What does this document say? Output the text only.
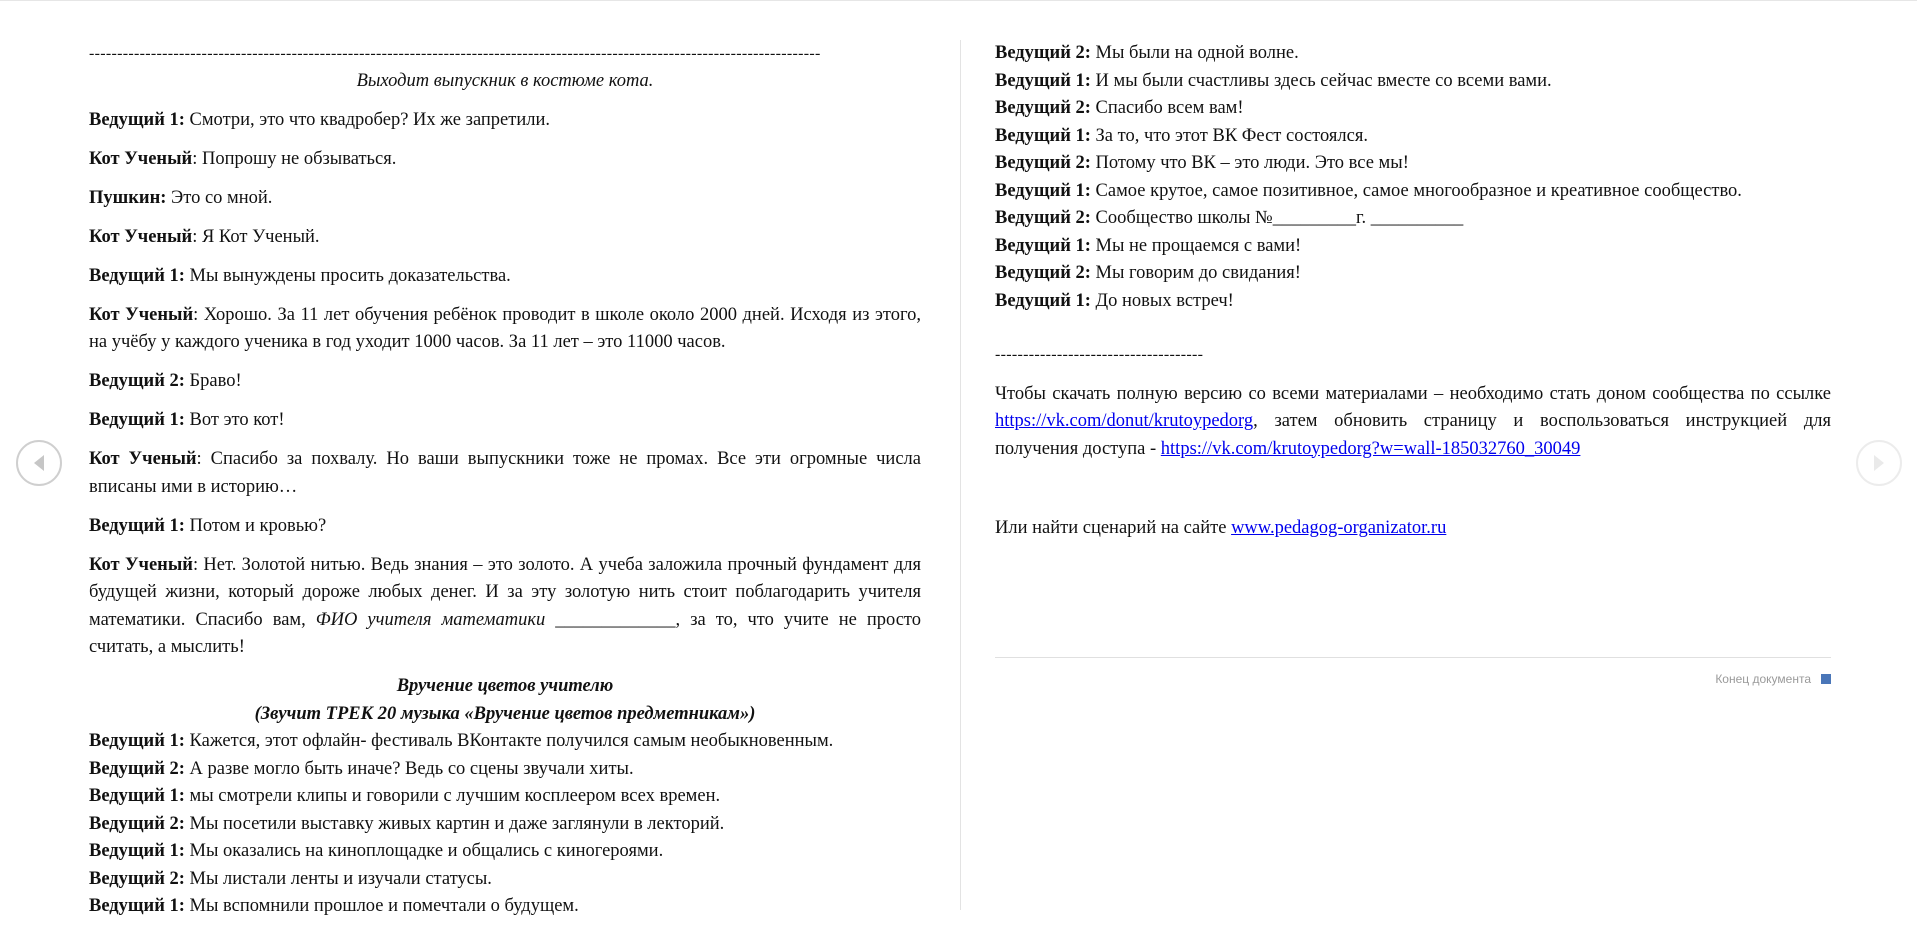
----------------------------------------------------------------------------------------------------------------------------------

Выходит выпускник в костюме кота.

Ведущий 1: Смотри, это что квадробер? Их же запретили.

Кот Ученый: Попрошу не обзываться.

Пушкин: Это со мной.

Кот Ученый: Я Кот Ученый.

Ведущий 1: Мы вынуждены просить доказательства.

Кот Ученый: Хорошо. За 11 лет обучения ребёнок проводит в школе около 2000 дней. Исходя из этого, на учёбу у каждого ученика в год уходит 1000 часов. За 11 лет – это 11000 часов.

Ведущий 2: Браво!

Ведущий 1: Вот это кот!

Кот Ученый: Спасибо за похвалу. Но ваши выпускники тоже не промах. Все эти огромные числа вписаны ими в историю…

Ведущий 1: Потом и кровью?

Кот Ученый: Нет. Золотой нитью. Ведь знания – это золото. А учеба заложила прочный фундамент для будущей жизни, который дороже любых денег. И за эту золотую нить стоит поблагодарить учителя математики. Спасибо вам, ФИО учителя математики _____________, за то, что учите не просто считать, а мыслить!

Вручение цветов учителю

(Звучит ТРЕК 20 музыка «Вручение цветов предметникам»)

Ведущий 1: Кажется, этот офлайн- фестиваль ВКонтакте получился самым необыкновенным.

Ведущий 2: А разве могло быть иначе? Ведь со сцены звучали хиты.

Ведущий 1: мы смотрели клипы и говорили с лучшим косплеером всех времен.

Ведущий 2: Мы посетили выставку живых картин и даже заглянули в лекторий.

Ведущий 1: Мы оказались на киноплощадке и общались с киногероями.

Ведущий 2: Мы листали ленты и изучали статусы.

Ведущий 1: Мы вспомнили прошлое и помечтали о будущем.

Ведущий 2: Мы были на одной волне.

Ведущий 1: И мы были счастливы здесь сейчас вместе со всеми вами.

Ведущий 2: Спасибо всем вам!

Ведущий 1: За то, что этот ВК Фест состоялся.

Ведущий 2: Потому что ВК – это люди. Это все мы!

Ведущий 1: Самое крутое, самое позитивное, самое многообразное и креативное сообщество.

Ведущий 2: Сообщество школы №_________г. __________

Ведущий 1: Мы не прощаемся с вами!

Ведущий 2: Мы говорим до свидания!

Ведущий 1: До новых встреч!

-------------------------------------

Чтобы скачать полную версию со всеми материалами – необходимо стать доном сообщества по ссылке https://vk.com/donut/krutoypedorg, затем обновить страницу и воспользоваться инструкцией для получения доступа - https://vk.com/krutoypedorg?w=wall-185032760_30049

Или найти сценарий на сайте www.pedagog-organizator.ru

Конец документа
